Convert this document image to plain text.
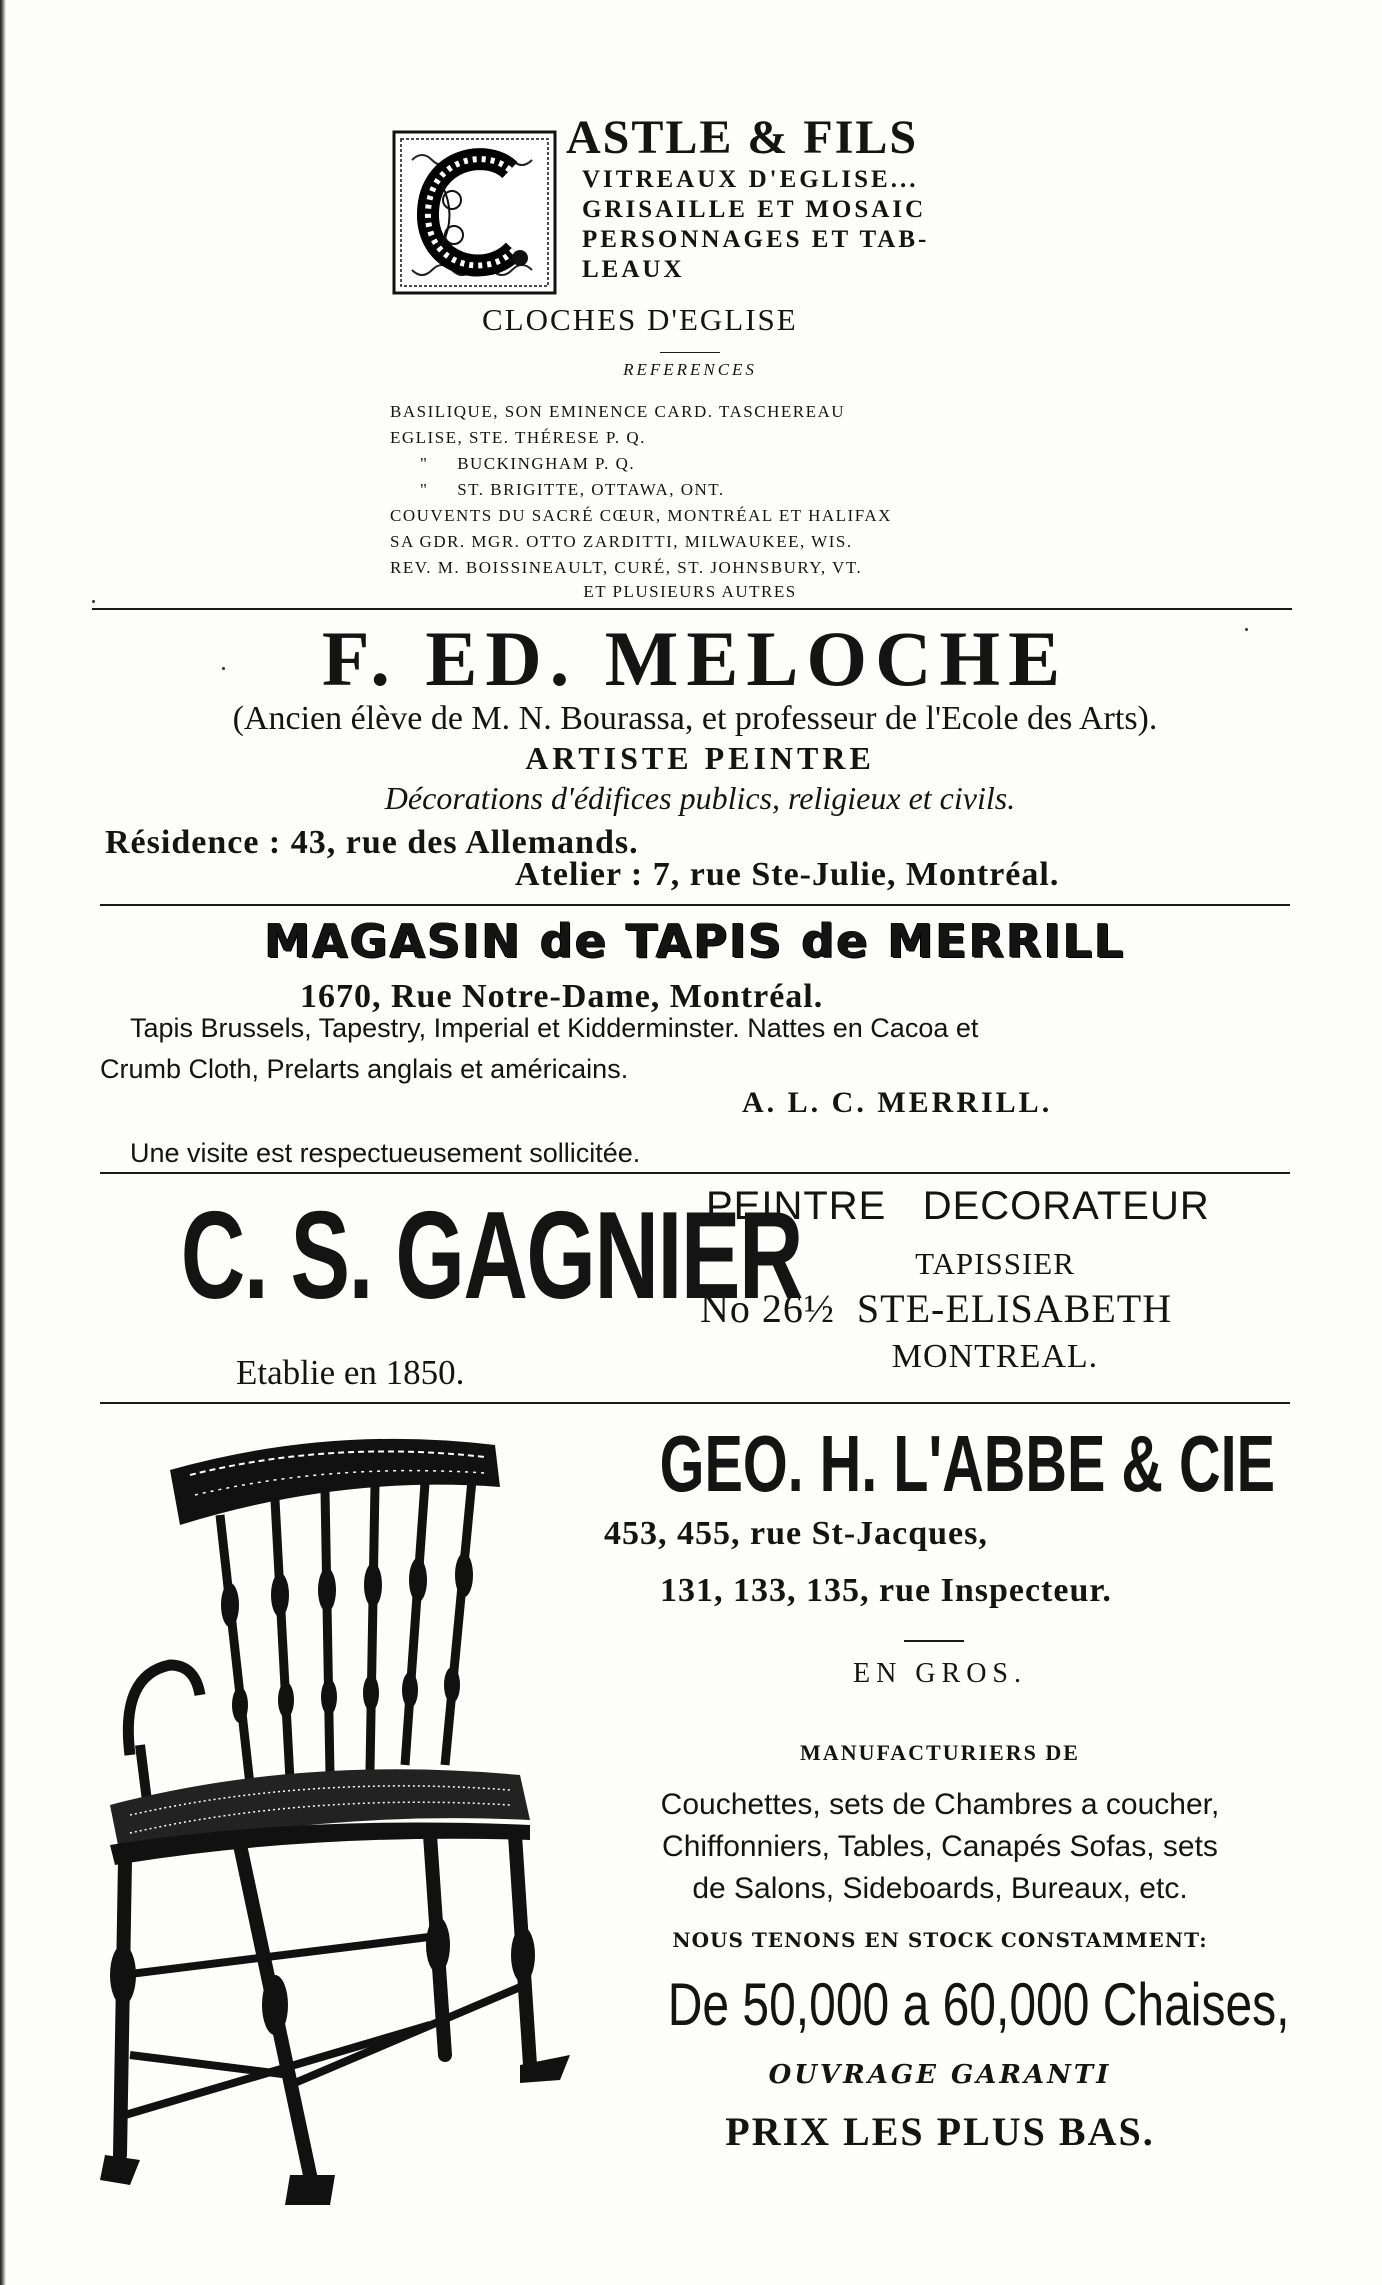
ASTLE & FILS
VITREAUX D'EGLISE...
GRISAILLE ET MOSAIC
PERSONNAGES ET TAB-
LEAUX
CLOCHES D'EGLISE
REFERENCES
BASILIQUE, SON EMINENCE CARD. TASCHEREAU
EGLISE, STE. THÉRESE P. Q.
"     BUCKINGHAM P. Q.
"     ST. BRIGITTE, OTTAWA, ONT.
COUVENTS DU SACRÉ CŒUR, MONTRÉAL ET HALIFAX
SA GDR. MGR. OTTO ZARDITTI, MILWAUKEE, WIS.
REV. M. BOISSINEAULT, CURÉ, ST. JOHNSBURY, VT.
ET PLUSIEURS AUTRES
F. ED. MELOCHE
(Ancien élève de M. N. Bourassa, et professeur de l'Ecole des Arts).
ARTISTE PEINTRE
Décorations d'édifices publics, religieux et civils.
Résidence : 43, rue des Allemands.
Atelier : 7, rue Ste-Julie, Montréal.
MAGASIN de TAPIS de MERRILL
1670, Rue Notre-Dame, Montréal.
Tapis Brussels, Tapestry, Imperial et Kidderminster. Nattes en Cacoa et
Crumb Cloth, Prelarts anglais et américains.
A. L. C. MERRILL.
Une visite est respectueusement sollicitée.
C. S. GAGNIER
Etablie en 1850.
PEINTRE   DECORATEUR
TAPISSIER
No 26½  STE-ELISABETH
MONTREAL.
GEO. H. L'ABBE & CIE
453, 455, rue St-Jacques,
131, 133, 135, rue Inspecteur.
EN GROS.
MANUFACTURIERS DE
Couchettes, sets de Chambres a coucher,
Chiffonniers, Tables, Canapés Sofas, sets
de Salons, Sideboards, Bureaux, etc.
NOUS TENONS EN STOCK CONSTAMMENT:
De 50,000 a 60,000 Chaises,
OUVRAGE GARANTI
PRIX LES PLUS BAS.
